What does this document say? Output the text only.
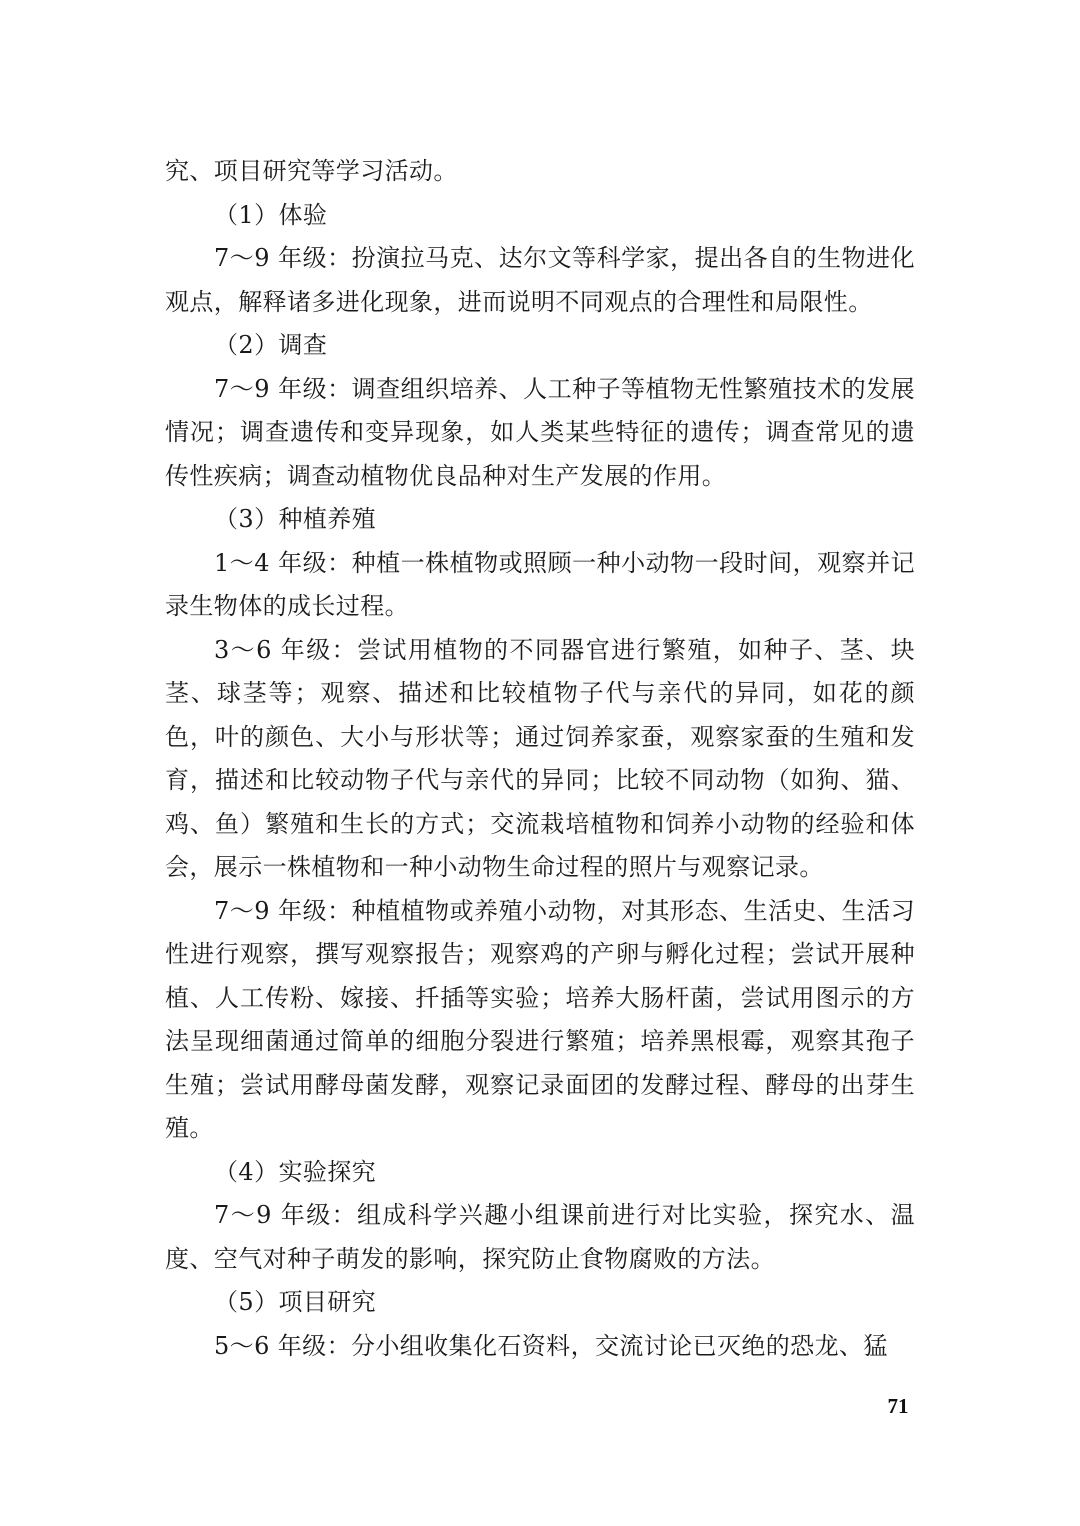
究、项目研究等学习活动。

（1）体验

7～9 年级：扮演拉马克、达尔文等科学家，提出各自的生物进化观点，解释诸多进化现象，进而说明不同观点的合理性和局限性。

（2）调查

7～9 年级：调查组织培养、人工种子等植物无性繁殖技术的发展情况；调查遗传和变异现象，如人类某些特征的遗传；调查常见的遗传性疾病；调查动植物优良品种对生产发展的作用。

（3）种植养殖

1～4 年级：种植一株植物或照顾一种小动物一段时间，观察并记录生物体的成长过程。

3～6 年级：尝试用植物的不同器官进行繁殖，如种子、茎、块茎、球茎等；观察、描述和比较植物子代与亲代的异同，如花的颜色，叶的颜色、大小与形状等；通过饲养家蚕，观察家蚕的生殖和发育，描述和比较动物子代与亲代的异同；比较不同动物（如狗、猫、鸡、鱼）繁殖和生长的方式；交流栽培植物和饲养小动物的经验和体会，展示一株植物和一种小动物生命过程的照片与观察记录。

7～9 年级：种植植物或养殖小动物，对其形态、生活史、生活习性进行观察，撰写观察报告；观察鸡的产卵与孵化过程；尝试开展种植、人工传粉、嫁接、扦插等实验；培养大肠杆菌，尝试用图示的方法呈现细菌通过简单的细胞分裂进行繁殖；培养黑根霉，观察其孢子生殖；尝试用酵母菌发酵，观察记录面团的发酵过程、酵母的出芽生殖。

（4）实验探究

7～9 年级：组成科学兴趣小组课前进行对比实验，探究水、温度、空气对种子萌发的影响，探究防止食物腐败的方法。

（5）项目研究

5～6 年级：分小组收集化石资料，交流讨论已灭绝的恐龙、猛

71
